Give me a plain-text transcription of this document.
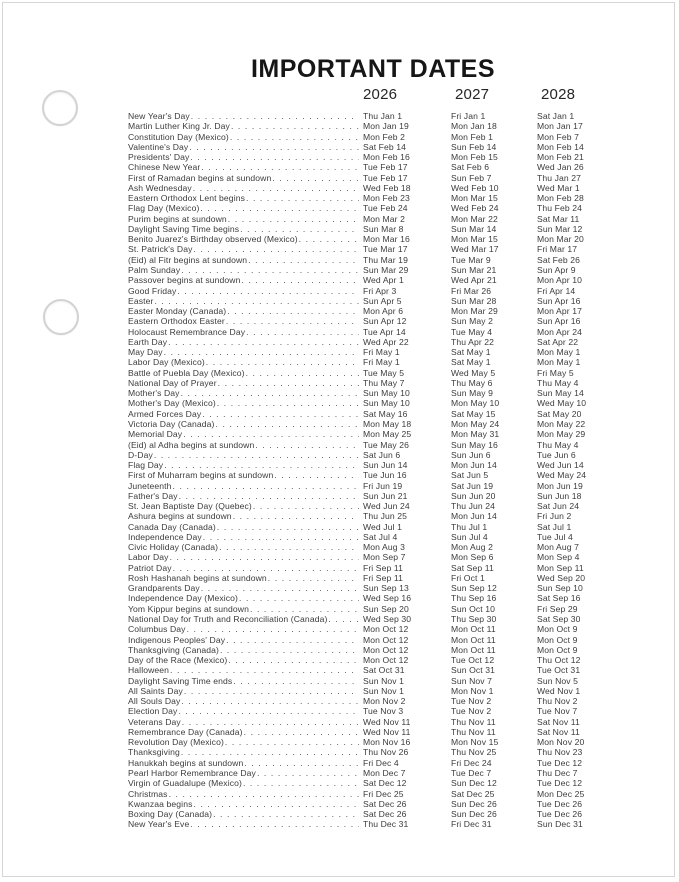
IMPORTANT DATES
2026	2027	2028
New Year's Day . . .	Thu Jan 1	Fri Jan 1	Sat Jan 1
Martin Luther King Jr. Day . . .	Mon Jan 19	Mon Jan 18	Mon Jan 17
Constitution Day (Mexico) . . .	Mon Feb 2	Mon Feb 1	Mon Feb 7
Valentine's Day . . .	Sat Feb 14	Sun Feb 14	Mon Feb 14
Presidents' Day . . .	Mon Feb 16	Mon Feb 15	Mon Feb 21
Chinese New Year . . .	Tue Feb 17	Sat Feb 6	Wed Jan 26
First of Ramadan begins at sundown . . .	Tue Feb 17	Sun Feb 7	Thu Jan 27
Ash Wednesday . . .	Wed Feb 18	Wed Feb 10	Wed Mar 1
Eastern Orthodox Lent begins . . .	Mon Feb 23	Mon Mar 15	Mon Feb 28
Flag Day (Mexico) . . .	Tue Feb 24	Wed Feb 24	Thu Feb 24
Purim begins at sundown . . .	Mon Mar 2	Mon Mar 22	Sat Mar 11
Daylight Saving Time begins . . .	Sun Mar 8	Sun Mar 14	Sun Mar 12
Benito Juarez's Birthday observed (Mexico) . . .	Mon Mar 16	Mon Mar 15	Mon Mar 20
St. Patrick's Day . . .	Tue Mar 17	Wed Mar 17	Fri Mar 17
(Eid) al Fitr begins at sundown . . .	Thu Mar 19	Tue Mar 9	Sat Feb 26
Palm Sunday . . .	Sun Mar 29	Sun Mar 21	Sun Apr 9
Passover begins at sundown . . .	Wed Apr 1	Wed Apr 21	Mon Apr 10
Good Friday . . .	Fri Apr 3	Fri Mar 26	Fri Apr 14
Easter . . .	Sun Apr 5	Sun Mar 28	Sun Apr 16
Easter Monday (Canada) . . .	Mon Apr 6	Mon Mar 29	Mon Apr 17
Eastern Orthodox Easter . . .	Sun Apr 12	Sun May 2	Sun Apr 16
Holocaust Remembrance Day . . .	Tue Apr 14	Tue May 4	Mon Apr 24
Earth Day . . .	Wed Apr 22	Thu Apr 22	Sat Apr 22
May Day . . .	Fri May 1	Sat May 1	Mon May 1
Labor Day (Mexico) . . .	Fri May 1	Sat May 1	Mon May 1
Battle of Puebla Day (Mexico) . . .	Tue May 5	Wed May 5	Fri May 5
National Day of Prayer . . .	Thu May 7	Thu May 6	Thu May 4
Mother's Day . . .	Sun May 10	Sun May 9	Sun May 14
Mother's Day (Mexico) . . .	Sun May 10	Mon May 10	Wed May 10
Armed Forces Day . . .	Sat May 16	Sat May 15	Sat May 20
Victoria Day (Canada) . . .	Mon May 18	Mon May 24	Mon May 22
Memorial Day . . .	Mon May 25	Mon May 31	Mon May 29
(Eid) al Adha begins at sundown . . .	Tue May 26	Sun May 16	Thu May 4
D-Day . . .	Sat Jun 6	Sun Jun 6	Tue Jun 6
Flag Day . . .	Sun Jun 14	Mon Jun 14	Wed Jun 14
First of Muharram begins at sundown . . .	Tue Jun 16	Sat Jun 5	Wed May 24
Juneteenth . . .	Fri Jun 19	Sat Jun 19	Mon Jun 19
Father's Day . . .	Sun Jun 21	Sun Jun 20	Sun Jun 18
St. Jean Baptiste Day (Quebec) . . .	Wed Jun 24	Thu Jun 24	Sat Jun 24
Ashura begins at sundown . . .	Thu Jun 25	Mon Jun 14	Fri Jun 2
Canada Day (Canada) . . .	Wed Jul 1	Thu Jul 1	Sat Jul 1
Independence Day . . .	Sat Jul 4	Sun Jul 4	Tue Jul 4
Civic Holiday (Canada) . . .	Mon Aug 3	Mon Aug 2	Mon Aug 7
Labor Day . . .	Mon Sep 7	Mon Sep 6	Mon Sep 4
Patriot Day . . .	Fri Sep 11	Sat Sep 11	Mon Sep 11
Rosh Hashanah begins at sundown . . .	Fri Sep 11	Fri Oct 1	Wed Sep 20
Grandparents Day . . .	Sun Sep 13	Sun Sep 12	Sun Sep 10
Independence Day (Mexico) . . .	Wed Sep 16	Thu Sep 16	Sat Sep 16
Yom Kippur begins at sundown . . .	Sun Sep 20	Sun Oct 10	Fri Sep 29
National Day for Truth and Reconciliation (Canada) . . .	Wed Sep 30	Thu Sep 30	Sat Sep 30
Columbus Day . . .	Mon Oct 12	Mon Oct 11	Mon Oct 9
Indigenous Peoples' Day . . .	Mon Oct 12	Mon Oct 11	Mon Oct 9
Thanksgiving (Canada) . . .	Mon Oct 12	Mon Oct 11	Mon Oct 9
Day of the Race (Mexico) . . .	Mon Oct 12	Tue Oct 12	Thu Oct 12
Halloween . . .	Sat Oct 31	Sun Oct 31	Tue Oct 31
Daylight Saving Time ends . . .	Sun Nov 1	Sun Nov 7	Sun Nov 5
All Saints Day . . .	Sun Nov 1	Mon Nov 1	Wed Nov 1
All Souls Day . . .	Mon Nov 2	Tue Nov 2	Thu Nov 2
Election Day . . .	Tue Nov 3	Tue Nov 2	Tue Nov 7
Veterans Day . . .	Wed Nov 11	Thu Nov 11	Sat Nov 11
Remembrance Day (Canada) . . .	Wed Nov 11	Thu Nov 11	Sat Nov 11
Revolution Day (Mexico) . . .	Mon Nov 16	Mon Nov 15	Mon Nov 20
Thanksgiving . . .	Thu Nov 26	Thu Nov 25	Thu Nov 23
Hanukkah begins at sundown . . .	Fri Dec 4	Fri Dec 24	Tue Dec 12
Pearl Harbor Remembrance Day . . .	Mon Dec 7	Tue Dec 7	Thu Dec 7
Virgin of Guadalupe (Mexico) . . .	Sat Dec 12	Sun Dec 12	Tue Dec 12
Christmas . . .	Fri Dec 25	Sat Dec 25	Mon Dec 25
Kwanzaa begins . . .	Sat Dec 26	Sun Dec 26	Tue Dec 26
Boxing Day (Canada) . . .	Sat Dec 26	Sun Dec 26	Tue Dec 26
New Year's Eve . . .	Thu Dec 31	Fri Dec 31	Sun Dec 31
